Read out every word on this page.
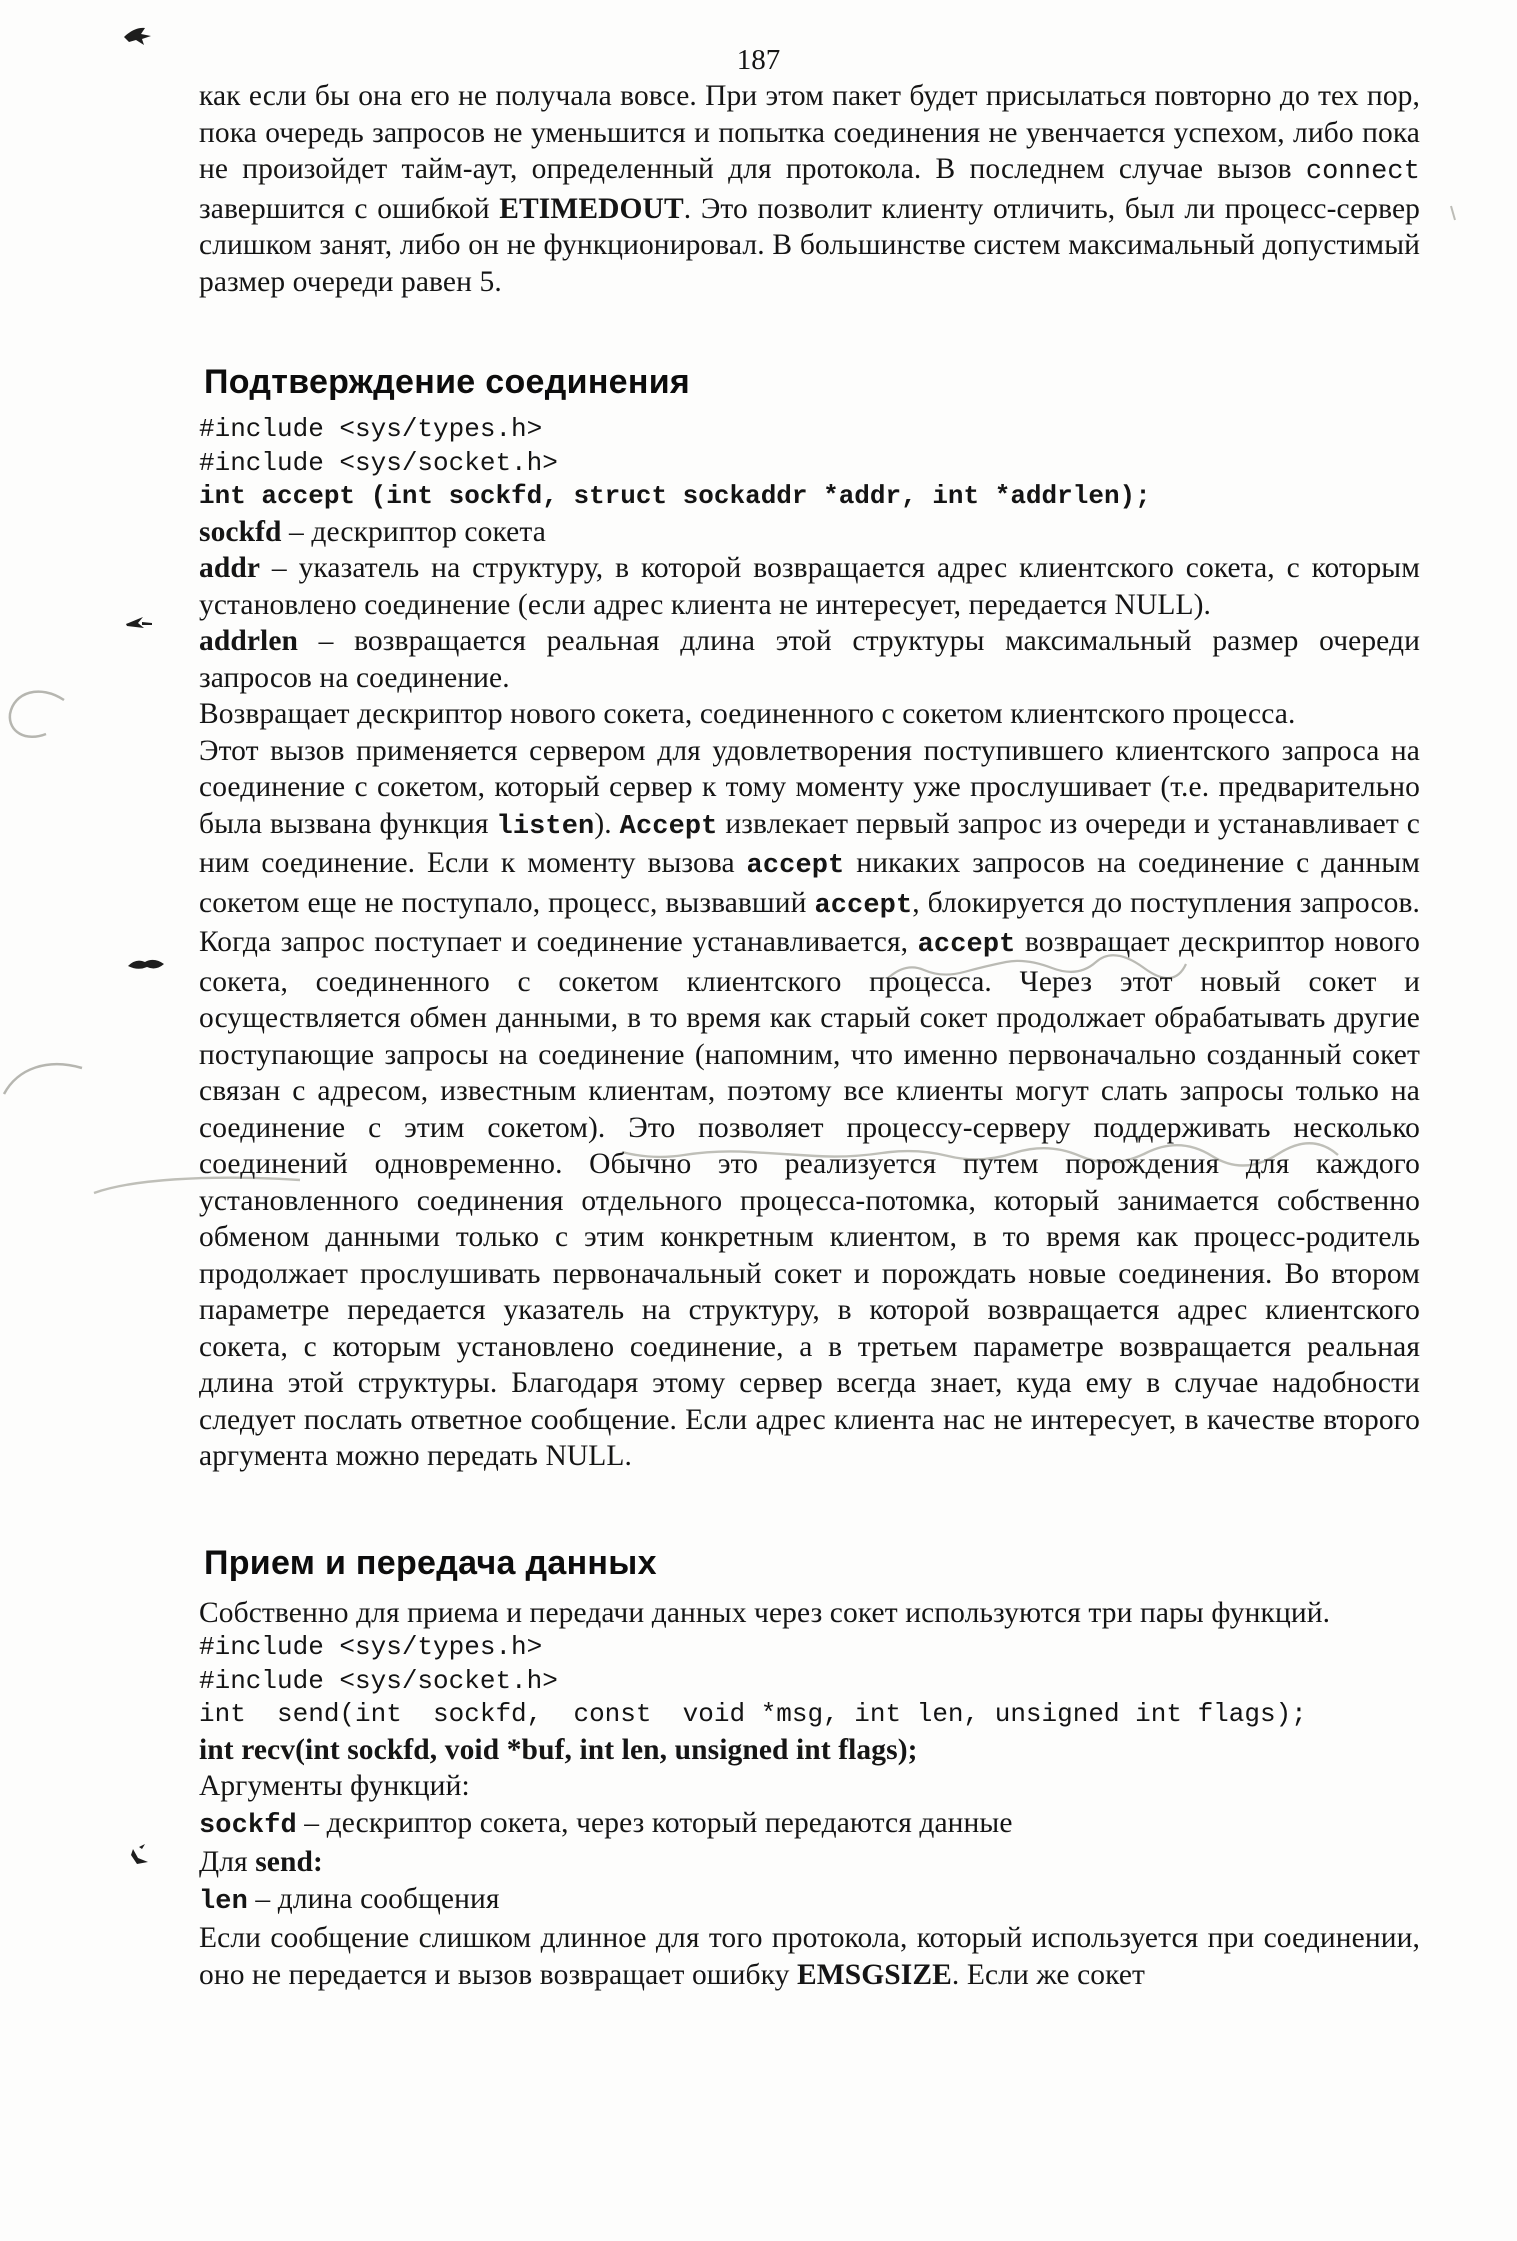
как если бы она его не получала вовсе. При этом пакет будет присылаться повторно до тех пор, пока очередь запросов не уменьшится и попытка соединения не увенчается успехом, либо пока не произойдет тайм-аут, определенный для протокола. В последнем случае вызов connect завершится с ошибкой ETIMEDOUT. Это позволит клиенту отличить, был ли процесс-сервер слишком занят, либо он не функционировал. В большинстве систем максимальный допустимый размер очереди равен 5.

Подтверждение соединения
#include <sys/types.h>
#include <sys/socket.h>
int accept (int sockfd, struct sockaddr *addr, int *addrlen);

sockfd – дескриптор сокета

addr – указатель на структуру, в которой возвращается адрес клиентского сокета, с которым установлено соединение (если адрес клиента не интересует, передается NULL).

addrlen – возвращается реальная длина этой структуры максимальный размер очереди запросов на соединение.

Возвращает дескриптор нового сокета, соединенного с сокетом клиентского процесса.

Этот вызов применяется сервером для удовлетворения поступившего клиентского запроса на соединение с сокетом, который сервер к тому моменту уже прослушивает (т.е. предварительно была вызвана функция listen). Accept извлекает первый запрос из очереди и устанавливает с ним соединение. Если к моменту вызова accept никаких запросов на соединение с данным сокетом еще не поступало, процесс, вызвавший accept, блокируется до поступления запросов. Когда запрос поступает и соединение устанавливается, accept возвращает дескриптор нового сокета, соединенного с сокетом клиентского процесса. Через этот новый сокет и осуществляется обмен данными, в то время как старый сокет продолжает обрабатывать другие поступающие запросы на соединение (напомним, что именно первоначально созданный сокет связан с адресом, известным клиентам, поэтому все клиенты могут слать запросы только на соединение с этим сокетом). Это позволяет процессу-серверу поддерживать несколько соединений одновременно. Обычно это реализуется путем порождения для каждого установленного соединения отдельного процесса-потомка, который занимается собственно обменом данными только с этим конкретным клиентом, в то время как процесс-родитель продолжает прослушивать первоначальный сокет и порождать новые соединения. Во втором параметре передается указатель на структуру, в которой возвращается адрес клиентского сокета, с которым установлено соединение, а в третьем параметре возвращается реальная длина этой структуры. Благодаря этому сервер всегда знает, куда ему в случае надобности следует послать ответное сообщение. Если адрес клиента нас не интересует, в качестве второго аргумента можно передать NULL.

Прием и передача данных

Собственно для приема и передачи данных через сокет используются три пары функций.

#include <sys/types.h>
#include <sys/socket.h>
int  send(int  sockfd,  const  void *msg, int len, unsigned int flags);

int recv(int sockfd, void *buf, int len, unsigned int flags);

Аргументы функций:

sockfd – дескриптор сокета, через который передаются данные

Для send:

len – длина сообщения

Если сообщение слишком длинное для того протокола, который используется при соединении, оно не передается и вызов возвращает ошибку EMSGSIZE. Если же сокет

187
